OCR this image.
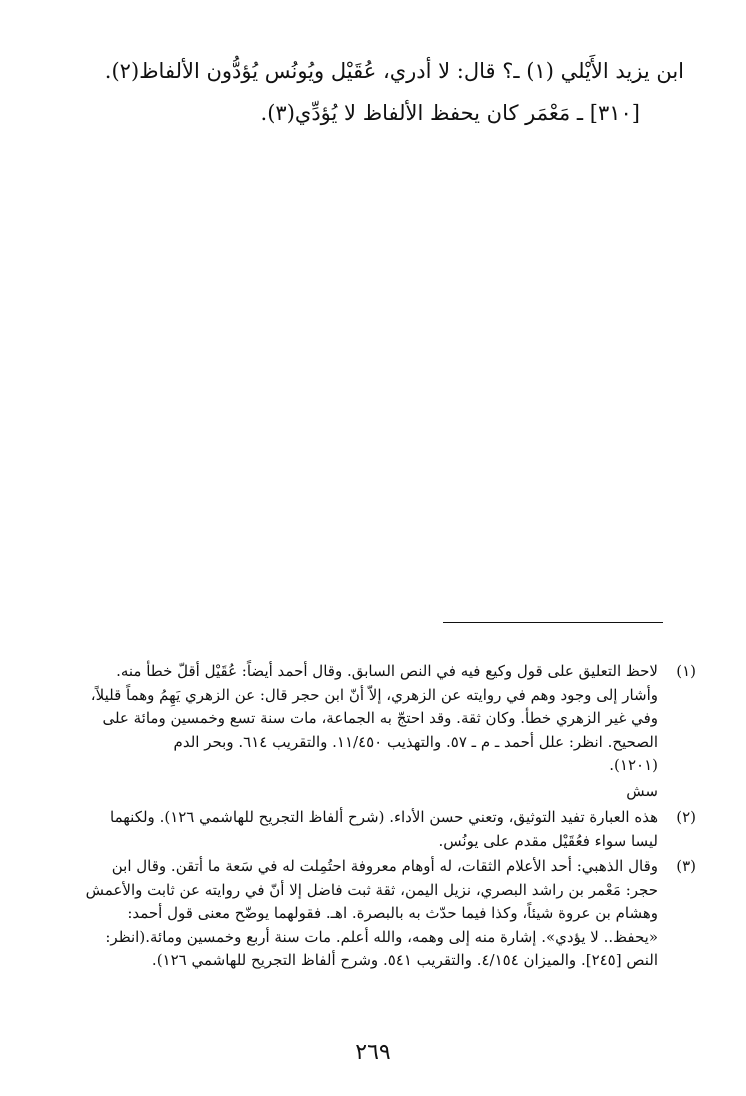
ابن يزيد الأَيْلي (١) ـ؟ قال: لا أدري، عُقَيْل ويُونُس يُؤدُّون الألفاظ(٢).

[٣١٠] ـ مَعْمَر كان يحفظ الألفاظ لا يُؤدِّي(٣).

(١)
لاحظ التعليق على قول وكيع فيه في النص السابق. وقال أحمد أيضاً: عُقَيْل أقلّ خطأ منه.
وأشار إلى وجود وهم في روايته عن الزهري، إلاّ أنّ ابن حجر قال: عن الزهري يَهِمُ وهماً قليلاً،
وفي غير الزهري خطأ. وكان ثقة. وقد احتجّ به الجماعة، مات سنة تسع وخمسين ومائة على
الصحيح. انظر: علل أحمد ـ م ـ ٥٧. والتهذيب ١١/٤٥٠. والتقريب ٦١٤. وبحر الدم
(١٢٠١).
سش
(٢)
هذه العبارة تفيد التوثيق، وتعني حسن الأداء. (شرح ألفاظ التجريح للهاشمي ١٢٦). ولكنهما
ليسا سواء فعُقَيْل مقدم على يونُس.
(٣)
وقال الذهبي: أحد الأعلام الثقات، له أوهام معروفة احتُمِلت له في سَعة ما أتقن. وقال ابن
حجر: مَعْمر بن راشد البصري، نزيل اليمن، ثقة ثبت فاضل إلا أنّ في روايته عن ثابت والأعمش
وهشام بن عروة شيئاً، وكذا فيما حدّث به بالبصرة. اهـ. فقولهما يوضّح معنى قول أحمد:
«يحفظ.. لا يؤدي». إشارة منه إلى وهمه، والله أعلم. مات سنة أربع وخمسين ومائة.(انظر:
النص [٢٤٥]. والميزان ٤/١٥٤. والتقريب ٥٤١. وشرح ألفاظ التجريح للهاشمي ١٢٦).
٢٦٩
